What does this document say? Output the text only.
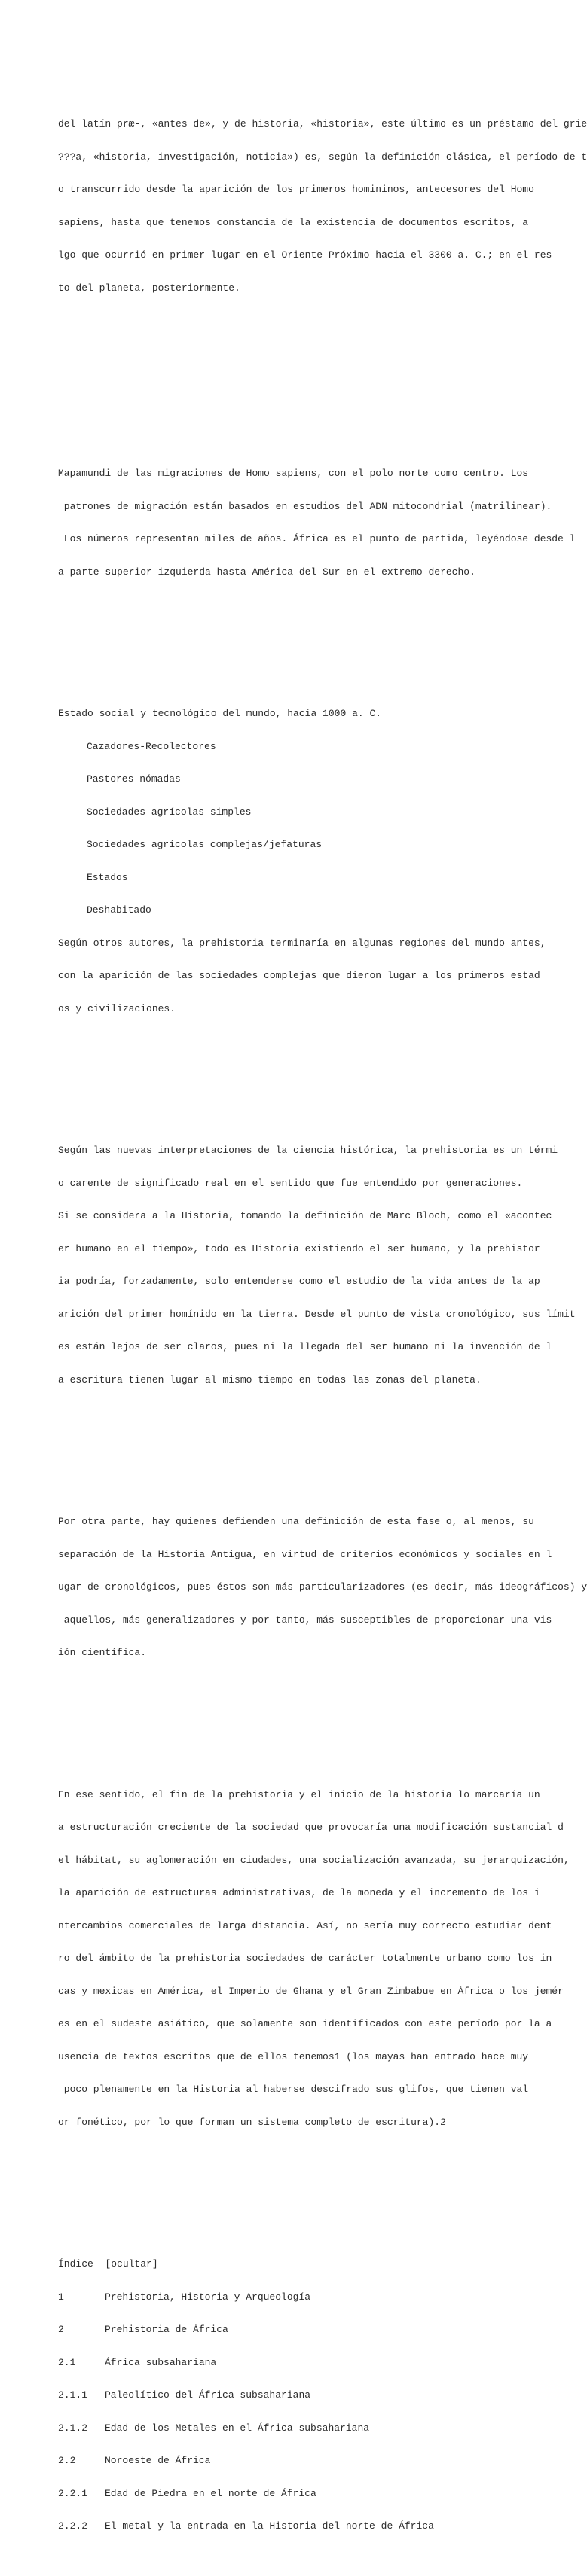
del latín præ-, «antes de», y de historia, «historia», este último es un préstamo del grie

???a, «historia, investigación, noticia») es, según la definición clásica, el período de t

o transcurrido desde la aparición de los primeros homininos, antecesores del Homo

sapiens, hasta que tenemos constancia de la existencia de documentos escritos, a

lgo que ocurrió en primer lugar en el Oriente Próximo hacia el 3300 a. C.; en el res

to del planeta, posteriormente.

Mapamundi de las migraciones de Homo sapiens, con el polo norte como centro. Los

patrones de migración están basados en estudios del ADN mitocondrial (matrilinear).

Los números representan miles de años. África es el punto de partida, leyéndose desde l

a parte superior izquierda hasta América del Sur en el extremo derecho.

Estado social y tecnológico del mundo, hacia 1000 a. C.

Cazadores-Recolectores

Pastores nómadas

Sociedades agrícolas simples

Sociedades agrícolas complejas/jefaturas

Estados

Deshabitado

Según otros autores, la prehistoria terminaría en algunas regiones del mundo antes,

con la aparición de las sociedades complejas que dieron lugar a los primeros estad

os y civilizaciones.

Según las nuevas interpretaciones de la ciencia histórica, la prehistoria es un térmi

o carente de significado real en el sentido que fue entendido por generaciones.

Si se considera a la Historia, tomando la definición de Marc Bloch, como el «acontec

er humano en el tiempo», todo es Historia existiendo el ser humano, y la prehistor

ia podría, forzadamente, solo entenderse como el estudio de la vida antes de la ap

arición del primer homínido en la tierra. Desde el punto de vista cronológico, sus límit

es están lejos de ser claros, pues ni la llegada del ser humano ni la invención de l

a escritura tienen lugar al mismo tiempo en todas las zonas del planeta.

Por otra parte, hay quienes defienden una definición de esta fase o, al menos, su

separación de la Historia Antigua, en virtud de criterios económicos y sociales en l

ugar de cronológicos, pues éstos son más particularizadores (es decir, más ideográficos) y

aquellos, más generalizadores y por tanto, más susceptibles de proporcionar una vis

ión científica.

En ese sentido, el fin de la prehistoria y el inicio de la historia lo marcaría un

a estructuración creciente de la sociedad que provocaría una modificación sustancial d

el hábitat, su aglomeración en ciudades, una socialización avanzada, su jerarquización,

la aparición de estructuras administrativas, de la moneda y el incremento de los i

ntercambios comerciales de larga distancia. Así, no sería muy correcto estudiar dent

ro del ámbito de la prehistoria sociedades de carácter totalmente urbano como los in

cas y mexicas en América, el Imperio de Ghana y el Gran Zimbabue en África o los jemér

es en el sudeste asiático, que solamente son identificados con este período por la a

usencia de textos escritos que de ellos tenemos1 (los mayas han entrado hace muy

poco plenamente en la Historia al haberse descifrado sus glifos, que tienen val

or fonético, por lo que forman un sistema completo de escritura).2

Índice  [ocultar]

1	Prehistoria, Historia y Arqueología

2	Prehistoria de África

2.1	África subsahariana

2.1.1 Paleolítico del África subsahariana

2.1.2 Edad de los Metales en el África subsahariana

2.2	Noroeste de África

2.2.1 Edad de Piedra en el norte de África

2.2.2 El metal y la entrada en la Historia del norte de África
